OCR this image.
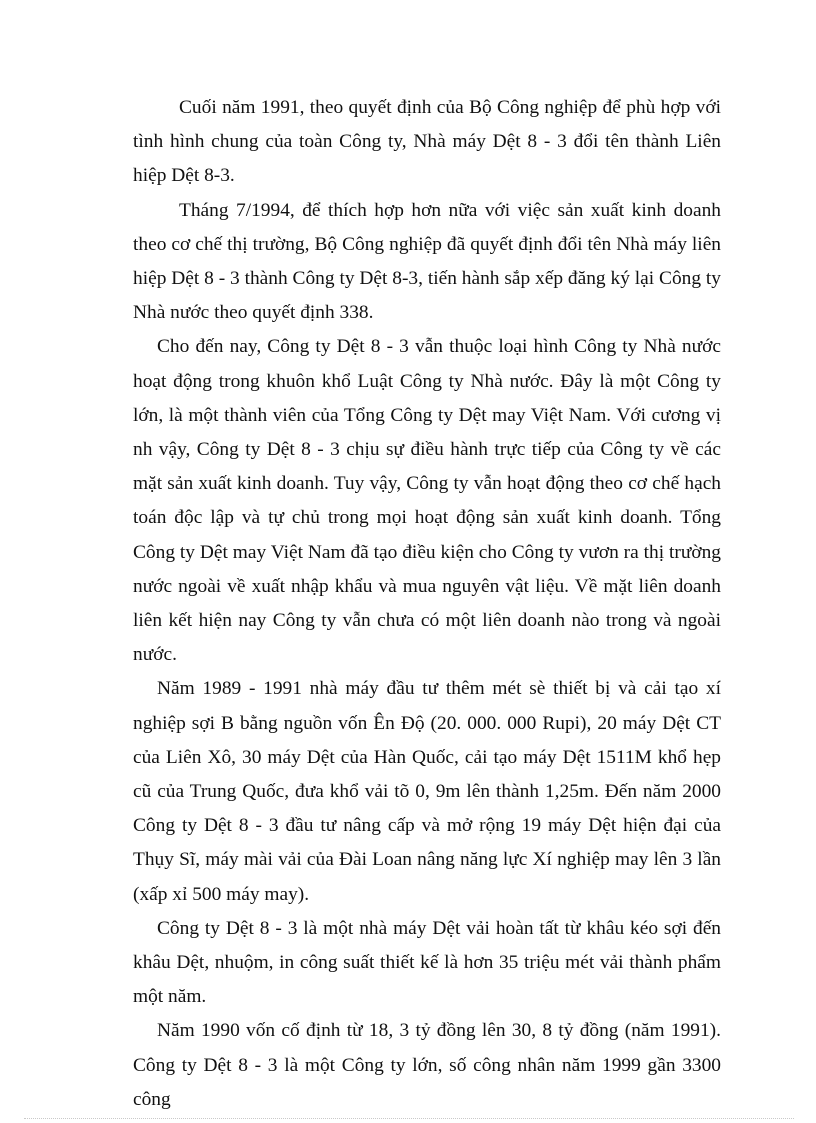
Cuối năm 1991, theo quyết định của Bộ Công nghiệp để phù hợp với tình hình chung của toàn Công ty, Nhà máy Dệt 8 - 3 đổi tên thành Liên hiệp Dệt 8-3.

Tháng 7/1994, để thích hợp hơn nữa với việc sản xuất kinh doanh theo cơ chế thị trường, Bộ Công nghiệp đã quyết định đổi tên Nhà máy liên hiệp Dệt 8 - 3 thành Công ty Dệt 8-3, tiến hành sắp xếp đăng ký lại Công ty Nhà nước theo quyết định 338.

Cho đến nay, Công ty Dệt 8 - 3 vẫn thuộc loại hình Công ty Nhà nước hoạt động trong khuôn khổ Luật Công ty Nhà nước. Đây là một Công ty lớn, là một thành viên của Tổng Công ty Dệt may Việt Nam. Với cương vị nh vậy, Công ty Dệt 8 - 3 chịu sự điều hành trực tiếp của Công ty về các mặt sản xuất kinh doanh. Tuy vậy, Công ty vẫn hoạt động theo cơ chế hạch toán độc lập và tự chủ trong mọi hoạt động sản xuất kinh doanh. Tổng Công ty Dệt may Việt Nam đã tạo điều kiện cho Công ty vươn ra thị trường nước ngoài về xuất nhập khẩu và mua nguyên vật liệu. Về mặt liên doanh liên kết hiện nay Công ty vẫn chưa có một liên doanh nào trong và ngoài nước.

Năm 1989 - 1991 nhà máy đầu tư thêm mét sè thiết bị và cải tạo xí nghiệp sợi B bằng nguồn vốn Ên Độ (20. 000. 000 Rupi), 20 máy Dệt CT của Liên Xô, 30 máy Dệt của Hàn Quốc, cải tạo máy Dệt 1511M khổ hẹp cũ của Trung Quốc, đưa khổ vải tõ 0, 9m lên thành 1,25m. Đến năm 2000 Công ty Dệt 8 - 3 đầu tư nâng cấp và mở rộng 19 máy Dệt hiện đại của Thụy Sĩ, máy mài vải của Đài Loan nâng năng lực Xí nghiệp may lên 3 lần (xấp xỉ 500 máy may).

Công ty Dệt 8 - 3 là một nhà máy Dệt vải hoàn tất từ khâu kéo sợi đến khâu Dệt, nhuộm, in công suất thiết kế là hơn 35 triệu mét vải thành phẩm một năm.

Năm 1990 vốn cố định từ 18, 3 tỷ đồng lên 30, 8 tỷ đồng (năm 1991). Công ty Dệt 8 - 3 là một Công ty lớn, số công nhân năm 1999 gần 3300 công
